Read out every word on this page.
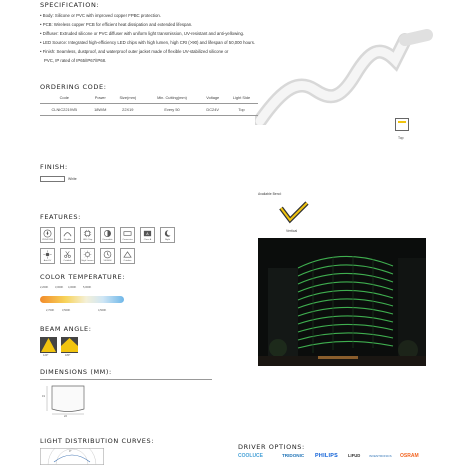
SPECIFICATION:
• Body: Silicone or PVC with improved copper FPBC protection.
• PCB: Wireless copper PCB for efficient heat dissipation and extended lifespan.
• Diffuser: Extruded silicone or PVC diffuser with uniform light transmission, UV-resistant and anti-yellowing.
• LED Source: Integrated high-efficiency LED chips with high lumen, high CRI (>90) and lifespan of 50,000 hours.
• Finish: Seamless, dustproof, and waterproof outer jacket made of flexible UV-stabilized silicone or
PVC, IP rated of IP65/IP67/IP68.
Top
ORDERING CODE:
Code	Power	Size(mm)	Min. Cutting(mm)	Voltage	Light Side
CLNIC2219VB	18W/M	22X19	Every 50	DC24V	Top
FINISH:
White
Available Bend:
Vertical
FEATURES:
IP65/67/68	Flexible	LED Chip	Dimmable	Connector
A
Class A	Night
Anti-UV	Cuttable	High Lumen	50000H	Outdoor
COLOR TEMPERATURE:
2,200K	3,000K 4,000K	5,000K
2,700K	3,500K	4,500K
BEAM ANGLE:
120°	180°
DIMENSIONS (MM):
19
22
LIGHT DISTRIBUTION CURVES:
0°
DRIVER OPTIONS:
COOLUCE	TRIDONIC PHILIPS LIFUD	INVENTRONICS OSRAM
